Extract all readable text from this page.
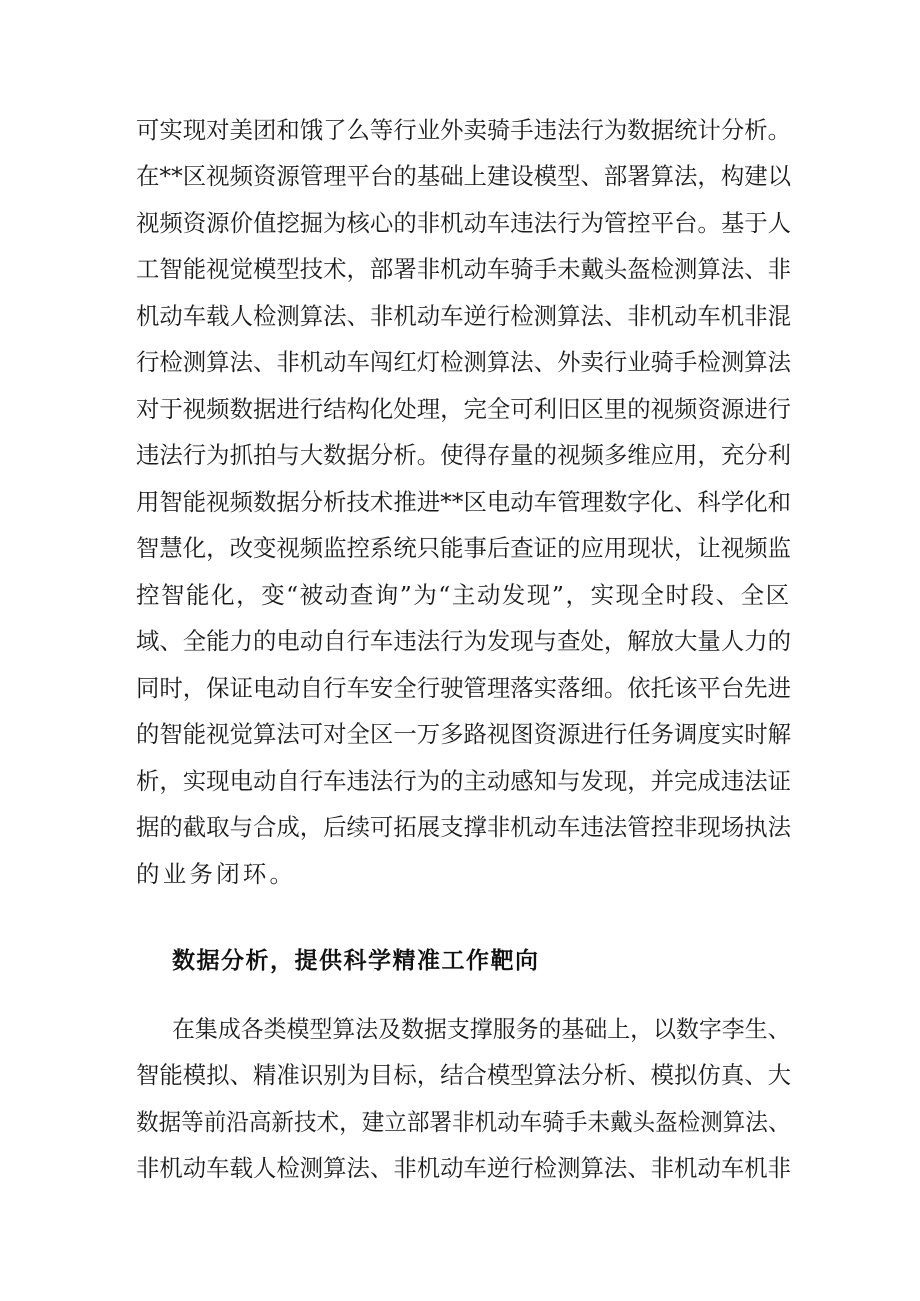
可实现对美团和饿了么等行业外卖骑手违法行为数据统计分析。
在**区视频资源管理平台的基础上建设模型、部署算法，构建以
视频资源价值挖掘为核心的非机动车违法行为管控平台。基于人
工智能视觉模型技术，部署非机动车骑手未戴头盔检测算法、非
机动车载人检测算法、非机动车逆行检测算法、非机动车机非混
行检测算法、非机动车闯红灯检测算法、外卖行业骑手检测算法
对于视频数据进行结构化处理，完全可利旧区里的视频资源进行
违法行为抓拍与大数据分析。使得存量的视频多维应用，充分利
用智能视频数据分析技术推进**区电动车管理数字化、科学化和
智慧化，改变视频监控系统只能事后查证的应用现状，让视频监
控智能化，变“被动查询”为“主动发现”，实现全时段、全区
域、全能力的电动自行车违法行为发现与查处，解放大量人力的
同时，保证电动自行车安全行驶管理落实落细。依托该平台先进
的智能视觉算法可对全区一万多路视图资源进行任务调度实时解
析，实现电动自行车违法行为的主动感知与发现，并完成违法证
据的截取与合成，后续可拓展支撑非机动车违法管控非现场执法
的业务闭环。
数据分析，提供科学精准工作靶向
在集成各类模型算法及数据支撑服务的基础上，以数字李生、
智能模拟、精准识别为目标，结合模型算法分析、模拟仿真、大
数据等前沿高新技术，建立部署非机动车骑手未戴头盔检测算法、
非机动车载人检测算法、非机动车逆行检测算法、非机动车机非
